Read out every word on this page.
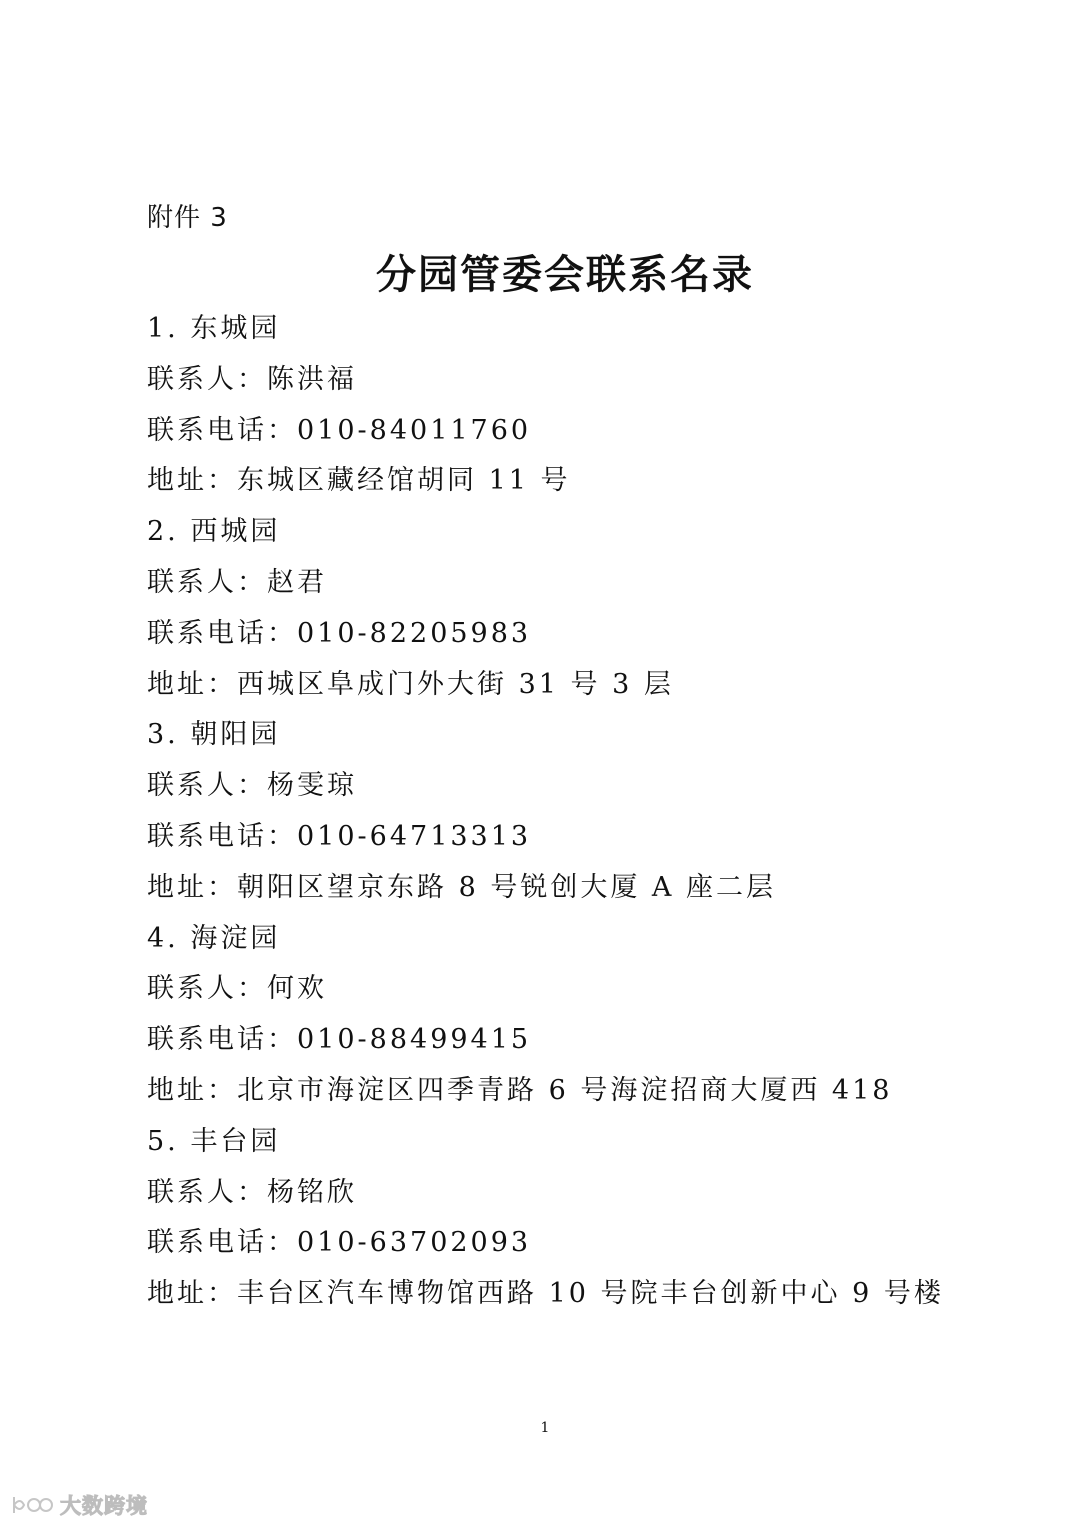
附件 3
分园管委会联系名录
1. 东城园
联系人：陈洪福
联系电话：010-84011760
地址：东城区藏经馆胡同 11 号
2. 西城园
联系人：赵君
联系电话：010-82205983
地址：西城区阜成门外大街 31 号 3 层
3. 朝阳园
联系人：杨雯琼
联系电话：010-64713313
地址：朝阳区望京东路 8 号锐创大厦 A 座二层
4. 海淀园
联系人：何欢
联系电话：010-88499415
地址：北京市海淀区四季青路 6 号海淀招商大厦西 418
5. 丰台园
联系人：杨铭欣
联系电话：010-63702093
地址：丰台区汽车博物馆西路 10 号院丰台创新中心 9 号楼
1
大数跨境
